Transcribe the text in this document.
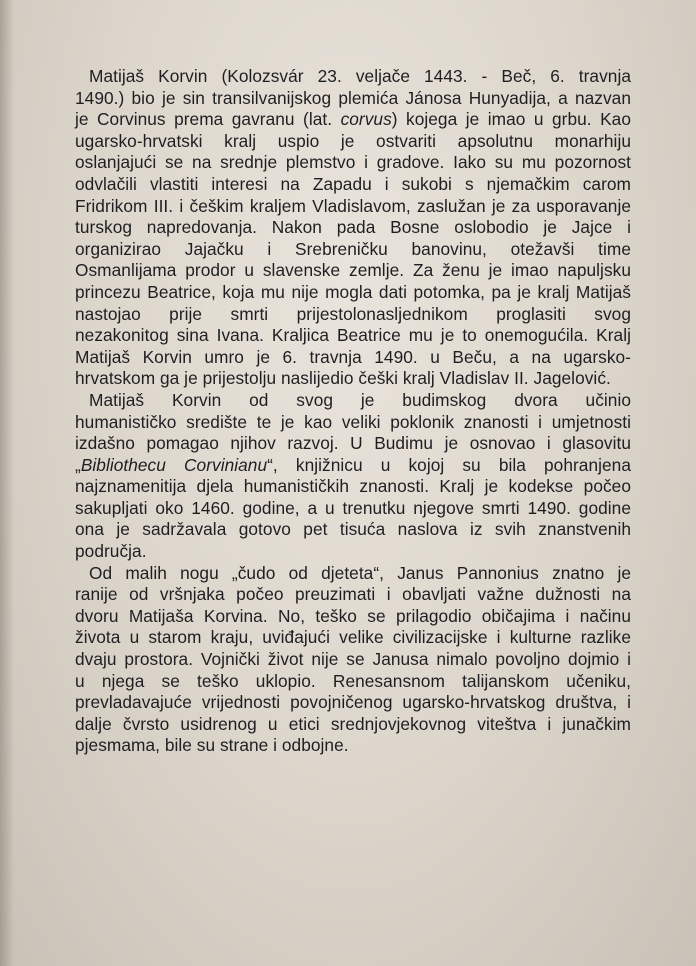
Matijaš Korvin (Kolozsvár 23. veljače 1443. - Beč, 6. travnja
1490.) bio je sin transilvanijskog plemića Jánosa Hunyadija, a nazvan
je Corvinus prema gavranu (lat. corvus) kojega je imao u grbu. Kao
ugarsko-hrvatski kralj uspio je ostvariti apsolutnu monarhiju
oslanjajući se na srednje plemstvo i gradove. Iako su mu pozornost
odvlačili vlastiti interesi na Zapadu i sukobi s njemačkim carom
Fridrikom III. i češkim kraljem Vladislavom, zaslužan je za usporavanje
turskog napredovanja. Nakon pada Bosne oslobodio je Jajce i
organizirao Jajačku i Srebreničku banovinu, otežavši time
Osmanlijama prodor u slavenske zemlje. Za ženu je imao napuljsku
princezu Beatrice, koja mu nije mogla dati potomka, pa je kralj Matijaš
nastojao prije smrti prijestolonasljednikom proglasiti svog
nezakonitog sina Ivana. Kraljica Beatrice mu je to onemogućila. Kralj
Matijaš Korvin umro je 6. travnja 1490. u Beču, a na ugarsko-
hrvatskom ga je prijestolju naslijedio češki kralj Vladislav II. Jagelović.
Matijaš Korvin od svog je budimskog dvora učinio
humanističko središte te je kao veliki poklonik znanosti i umjetnosti
izdašno pomagao njihov razvoj. U Budimu je osnovao i glasovitu
„Bibliothecu Corvinianu“, knjižnicu u kojoj su bila pohranjena
najznamenitija djela humanističkih znanosti. Kralj je kodekse počeo
sakupljati oko 1460. godine, a u trenutku njegove smrti 1490. godine
ona je sadržavala gotovo pet tisuća naslova iz svih znanstvenih
područja.
Od malih nogu „čudo od djeteta“, Janus Pannonius znatno je
ranije od vršnjaka počeo preuzimati i obavljati važne dužnosti na
dvoru Matijaša Korvina. No, teško se prilagodio običajima i načinu
života u starom kraju, uviđajući velike civilizacijske i kulturne razlike
dvaju prostora. Vojnički život nije se Janusa nimalo povoljno dojmio i
u njega se teško uklopio. Renesansnom talijanskom učeniku,
prevladavajuće vrijednosti povojničenog ugarsko-hrvatskog društva, i
dalje čvrsto usidrenog u etici srednjovjekovnog viteštva i junačkim
pjesmama, bile su strane i odbojne.
